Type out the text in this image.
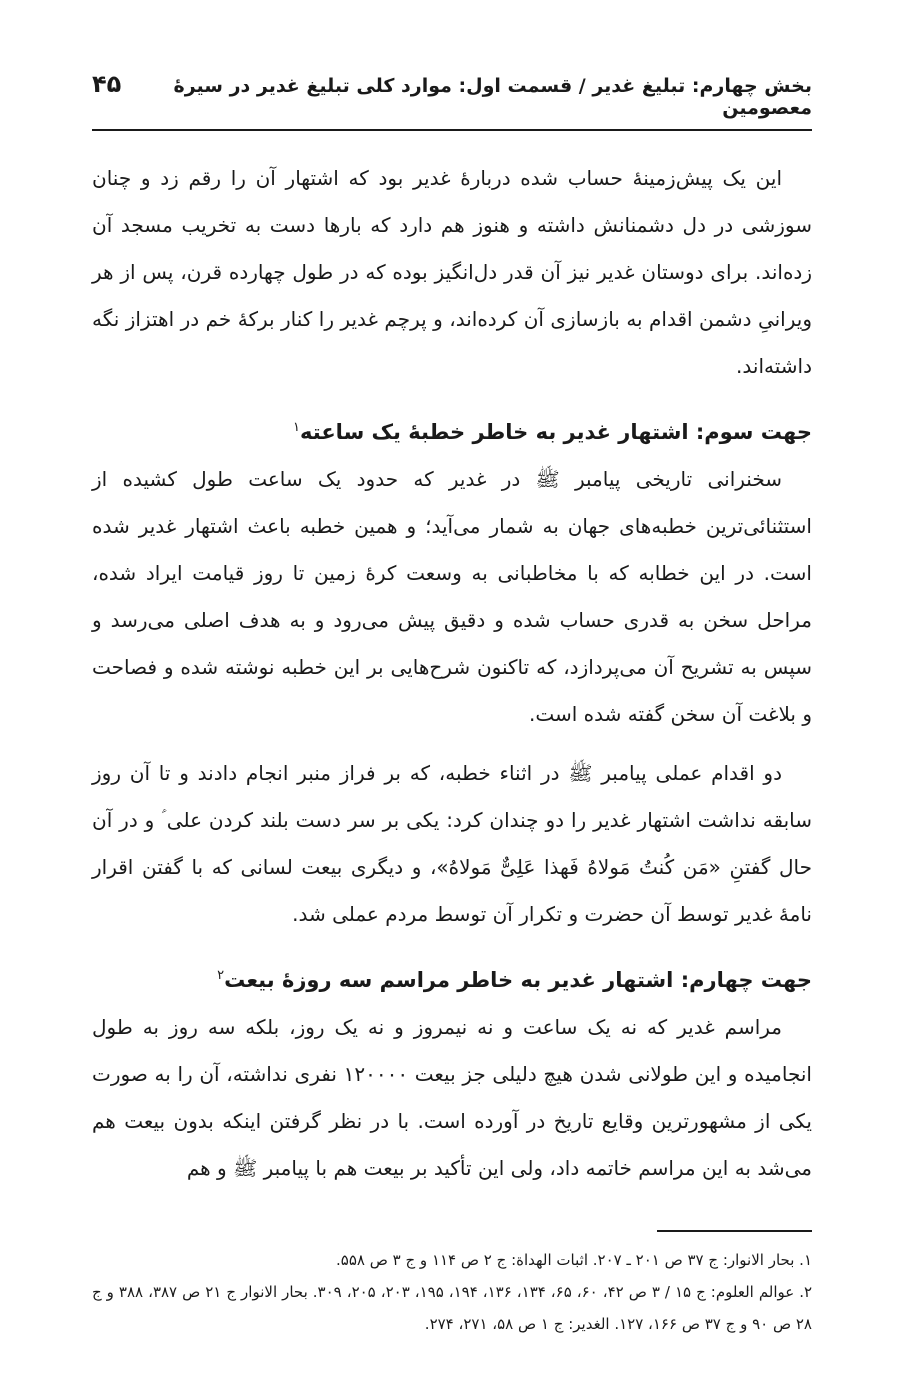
بخش چهارم: تبلیغ غدیر / قسمت اول: موارد کلی تبلیغ غدیر در سیرۀ معصومین
۴۵

این یک پیش‌زمینۀ حساب شده دربارۀ غدیر بود که اشتهار آن را رقم زد و چنان سوزشی در دل دشمنانش داشته و هنوز هم دارد که بارها دست به تخریب مسجد آن زده‌اند. برای دوستان غدیر نیز آن قدر دل‌انگیز بوده که در طول چهارده قرن، پس از هر ویرانیِ دشمن اقدام به بازسازی آن کرده‌اند، و پرچم غدیر را کنار برکۀ خم در اهتزاز نگه داشته‌اند.

جهت سوم: اشتهار غدیر به خاطر خطبۀ یک ساعته$^۱$

سخنرانی تاریخی پیامبر ﷺ در غدیر که حدود یک ساعت طول کشیده از استثنائی‌ترین خطبه‌های جهان به شمار می‌آید؛ و همین خطبه باعث اشتهار غدیر شده است. در این خطابه که با مخاطبانی به وسعت کرۀ زمین تا روز قیامت ایراد شده، مراحل سخن به قدری حساب شده و دقیق پیش می‌رود و به هدف اصلی می‌رسد و سپس به تشریح آن می‌پردازد، که تاکنون شرح‌هایی بر این خطبه نوشته شده و فصاحت و بلاغت آن سخن گفته شده است.

دو اقدام عملی پیامبر ﷺ در اثناء خطبه، که بر فراز منبر انجام دادند و تا آن روز سابقه نداشت اشتهار غدیر را دو چندان کرد: یکی بر سر دست بلند کردن علی ؑ و در آن حال گفتنِ «مَن کُنتُ مَولاهُ فَهذا عَلِیٌّ مَولاهُ»، و دیگری بیعت لسانی که با گفتن اقرار نامۀ غدیر توسط آن حضرت و تکرار آن توسط مردم عملی شد.

جهت چهارم: اشتهار غدیر به خاطر مراسم سه روزۀ بیعت$^۲$

مراسم غدیر که نه یک ساعت و نه نیمروز و نه یک روز، بلکه سه روز به طول انجامیده و این طولانی شدن هیچ دلیلی جز بیعت ۱۲۰۰۰۰ نفری نداشته، آن را به صورت یکی از مشهورترین وقایع تاریخ در آورده است. با در نظر گرفتن اینکه بدون بیعت هم می‌شد به این مراسم خاتمه داد، ولی این تأکید بر بیعت هم با پیامبر ﷺ و هم

۱. بحار الانوار: ج ۳۷ ص ۲۰۱ ـ ۲۰۷. اثبات الهداة: ج ۲ ص ۱۱۴ و ج ۳ ص ۵۵۸.
۲. عوالم العلوم: ج ۱۵ / ۳ ص ۴۲، ۶۰، ۶۵، ۱۳۴، ۱۳۶، ۱۹۴، ۱۹۵، ۲۰۳، ۲۰۵، ۳۰۹. بحار الانوار ج ۲۱ ص ۳۸۷، ۳۸۸ و ج ۲۸ ص ۹۰ و ج ۳۷ ص ۱۶۶، ۱۲۷. الغدیر: ج ۱ ص ۵۸، ۲۷۱، ۲۷۴.
